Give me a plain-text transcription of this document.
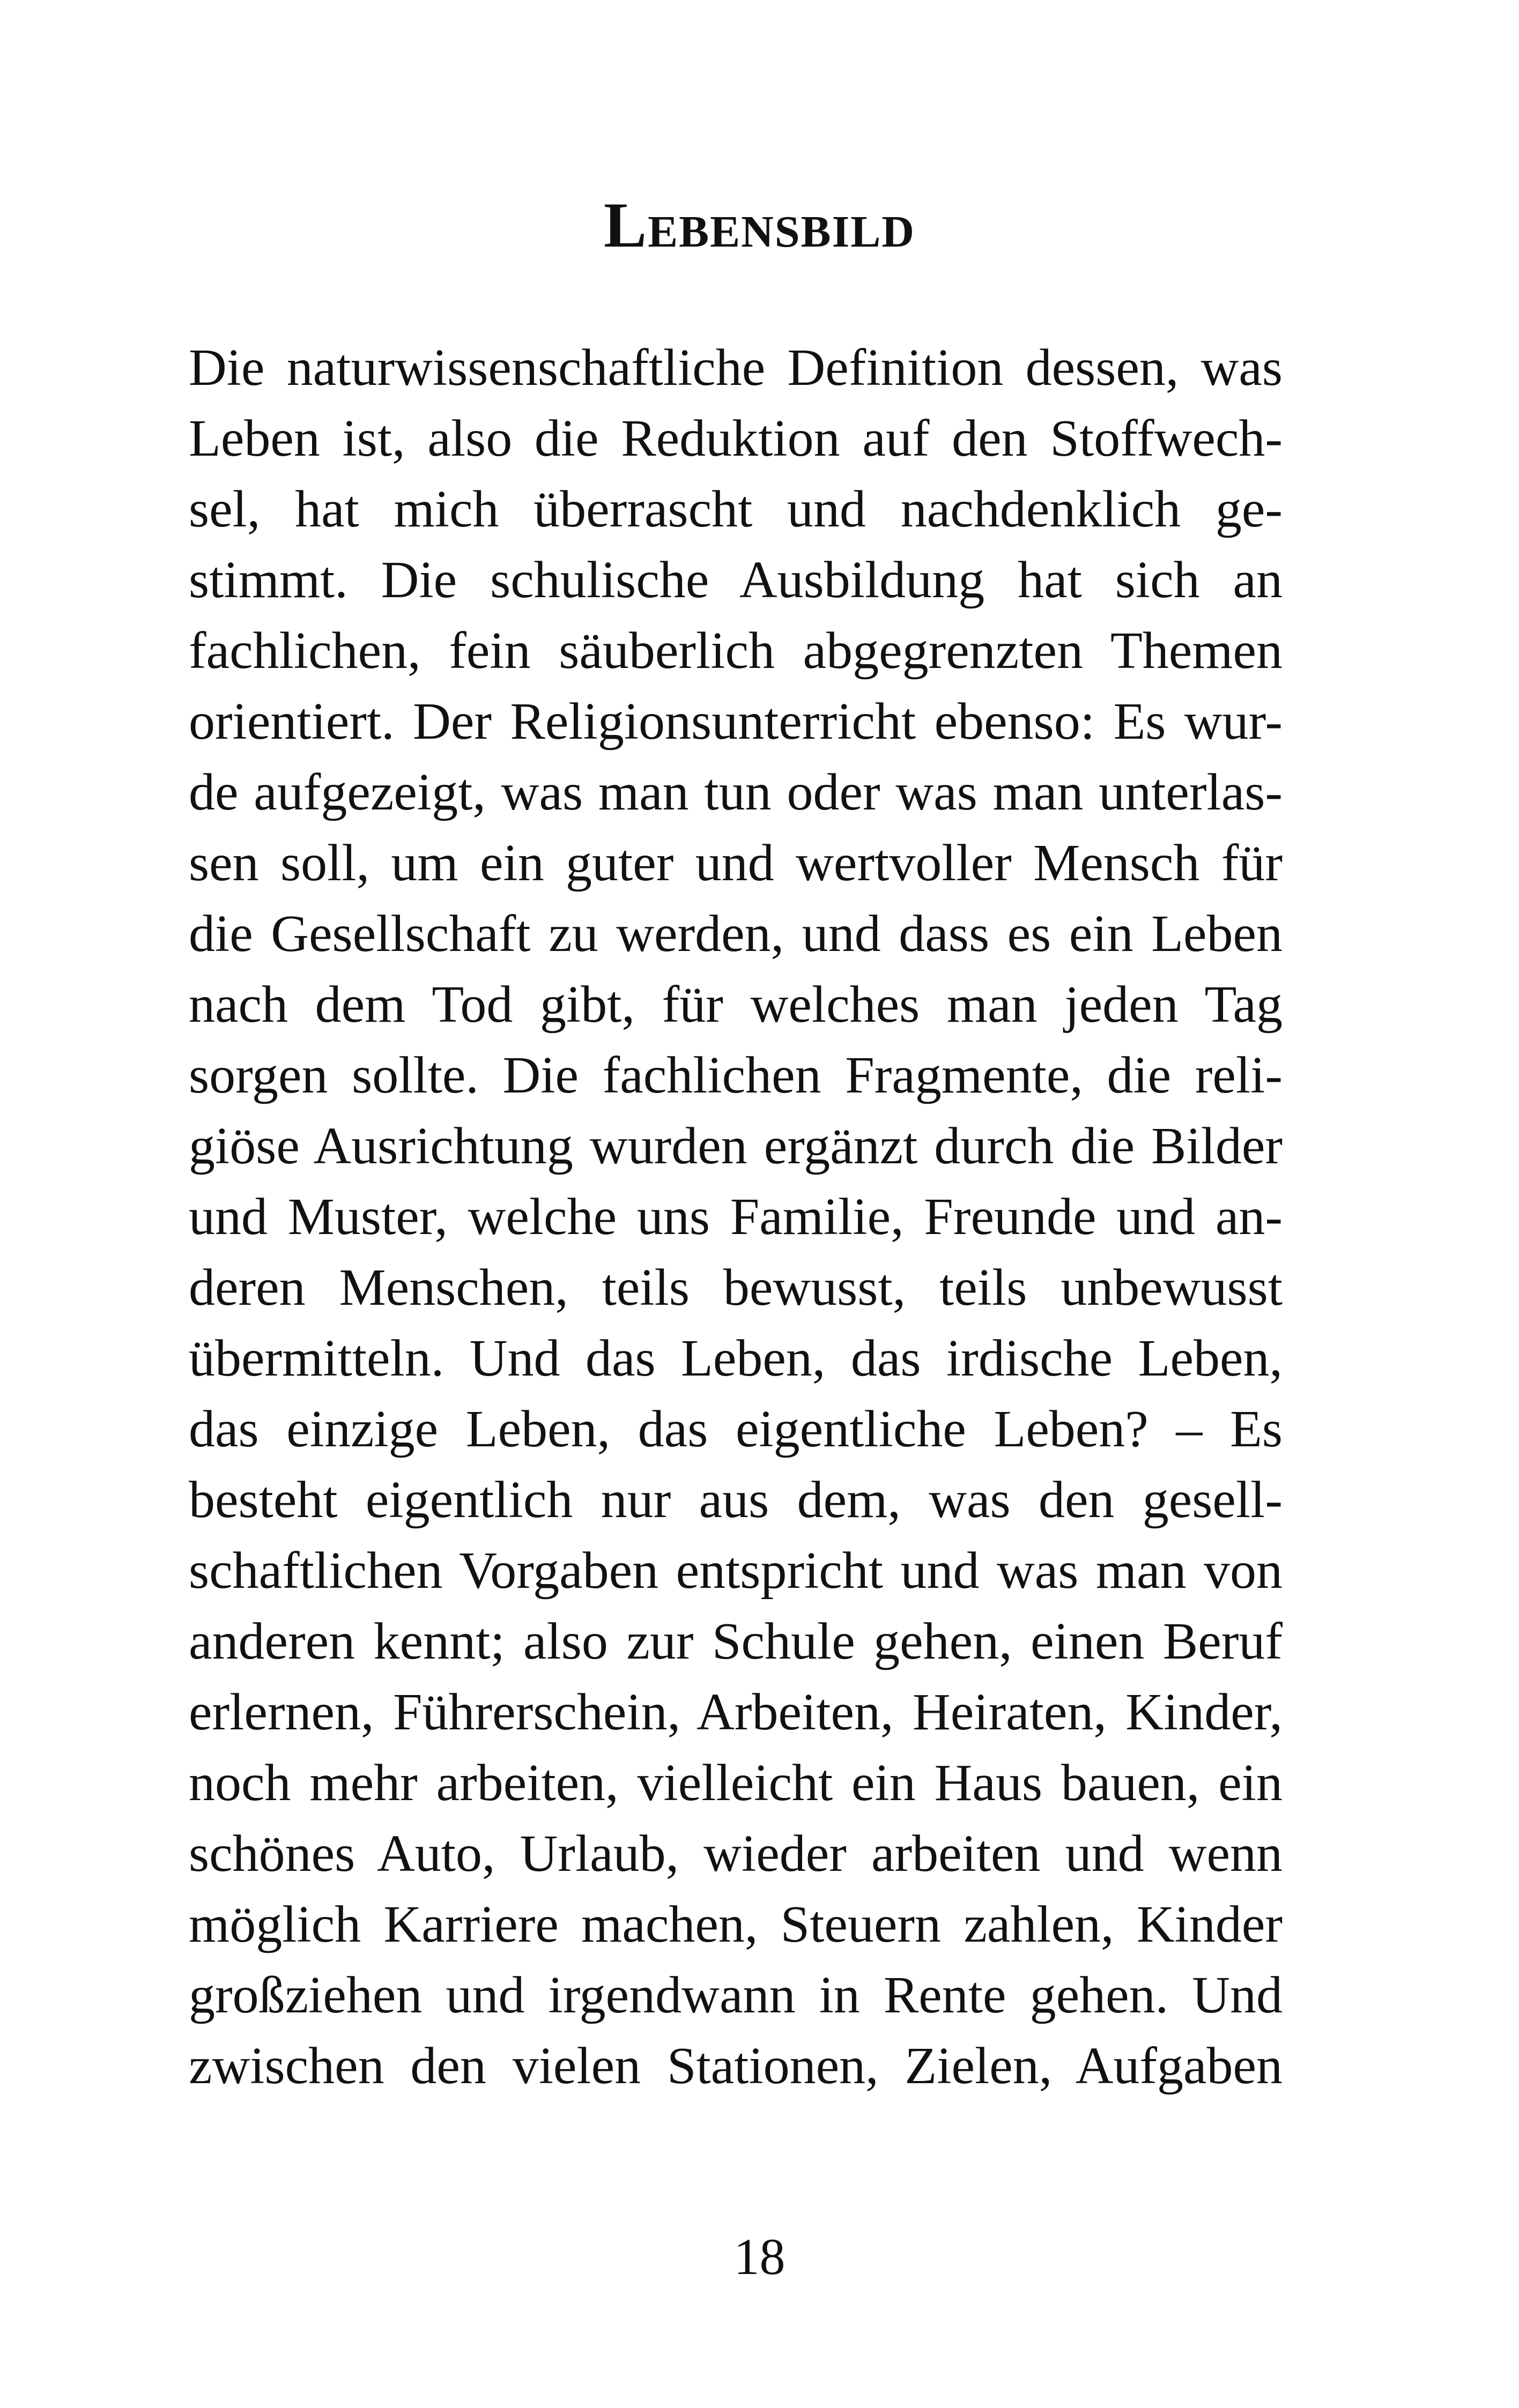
Lebensbild
Die naturwissenschaftliche Definition dessen, was
Leben ist, also die Reduktion auf den Stoffwech-
sel, hat mich überrascht und nachdenklich ge-
stimmt. Die schulische Ausbildung hat sich an
fachlichen, fein säuberlich abgegrenzten Themen
orientiert. Der Religionsunterricht ebenso: Es wur-
de aufgezeigt, was man tun oder was man unterlas-
sen soll, um ein guter und wertvoller Mensch für
die Gesellschaft zu werden, und dass es ein Leben
nach dem Tod gibt, für welches man jeden Tag
sorgen sollte. Die fachlichen Fragmente, die reli-
giöse Ausrichtung wurden ergänzt durch die Bilder
und Muster, welche uns Familie, Freunde und an-
deren Menschen, teils bewusst, teils unbewusst
übermitteln. Und das Leben, das irdische Leben,
das einzige Leben, das eigentliche Leben? – Es
besteht eigentlich nur aus dem, was den gesell-
schaftlichen Vorgaben entspricht und was man von
anderen kennt; also zur Schule gehen, einen Beruf
erlernen, Führerschein, Arbeiten, Heiraten, Kinder,
noch mehr arbeiten, vielleicht ein Haus bauen, ein
schönes Auto, Urlaub, wieder arbeiten und wenn
möglich Karriere machen, Steuern zahlen, Kinder
großziehen und irgendwann in Rente gehen. Und
zwischen den vielen Stationen, Zielen, Aufgaben
18
